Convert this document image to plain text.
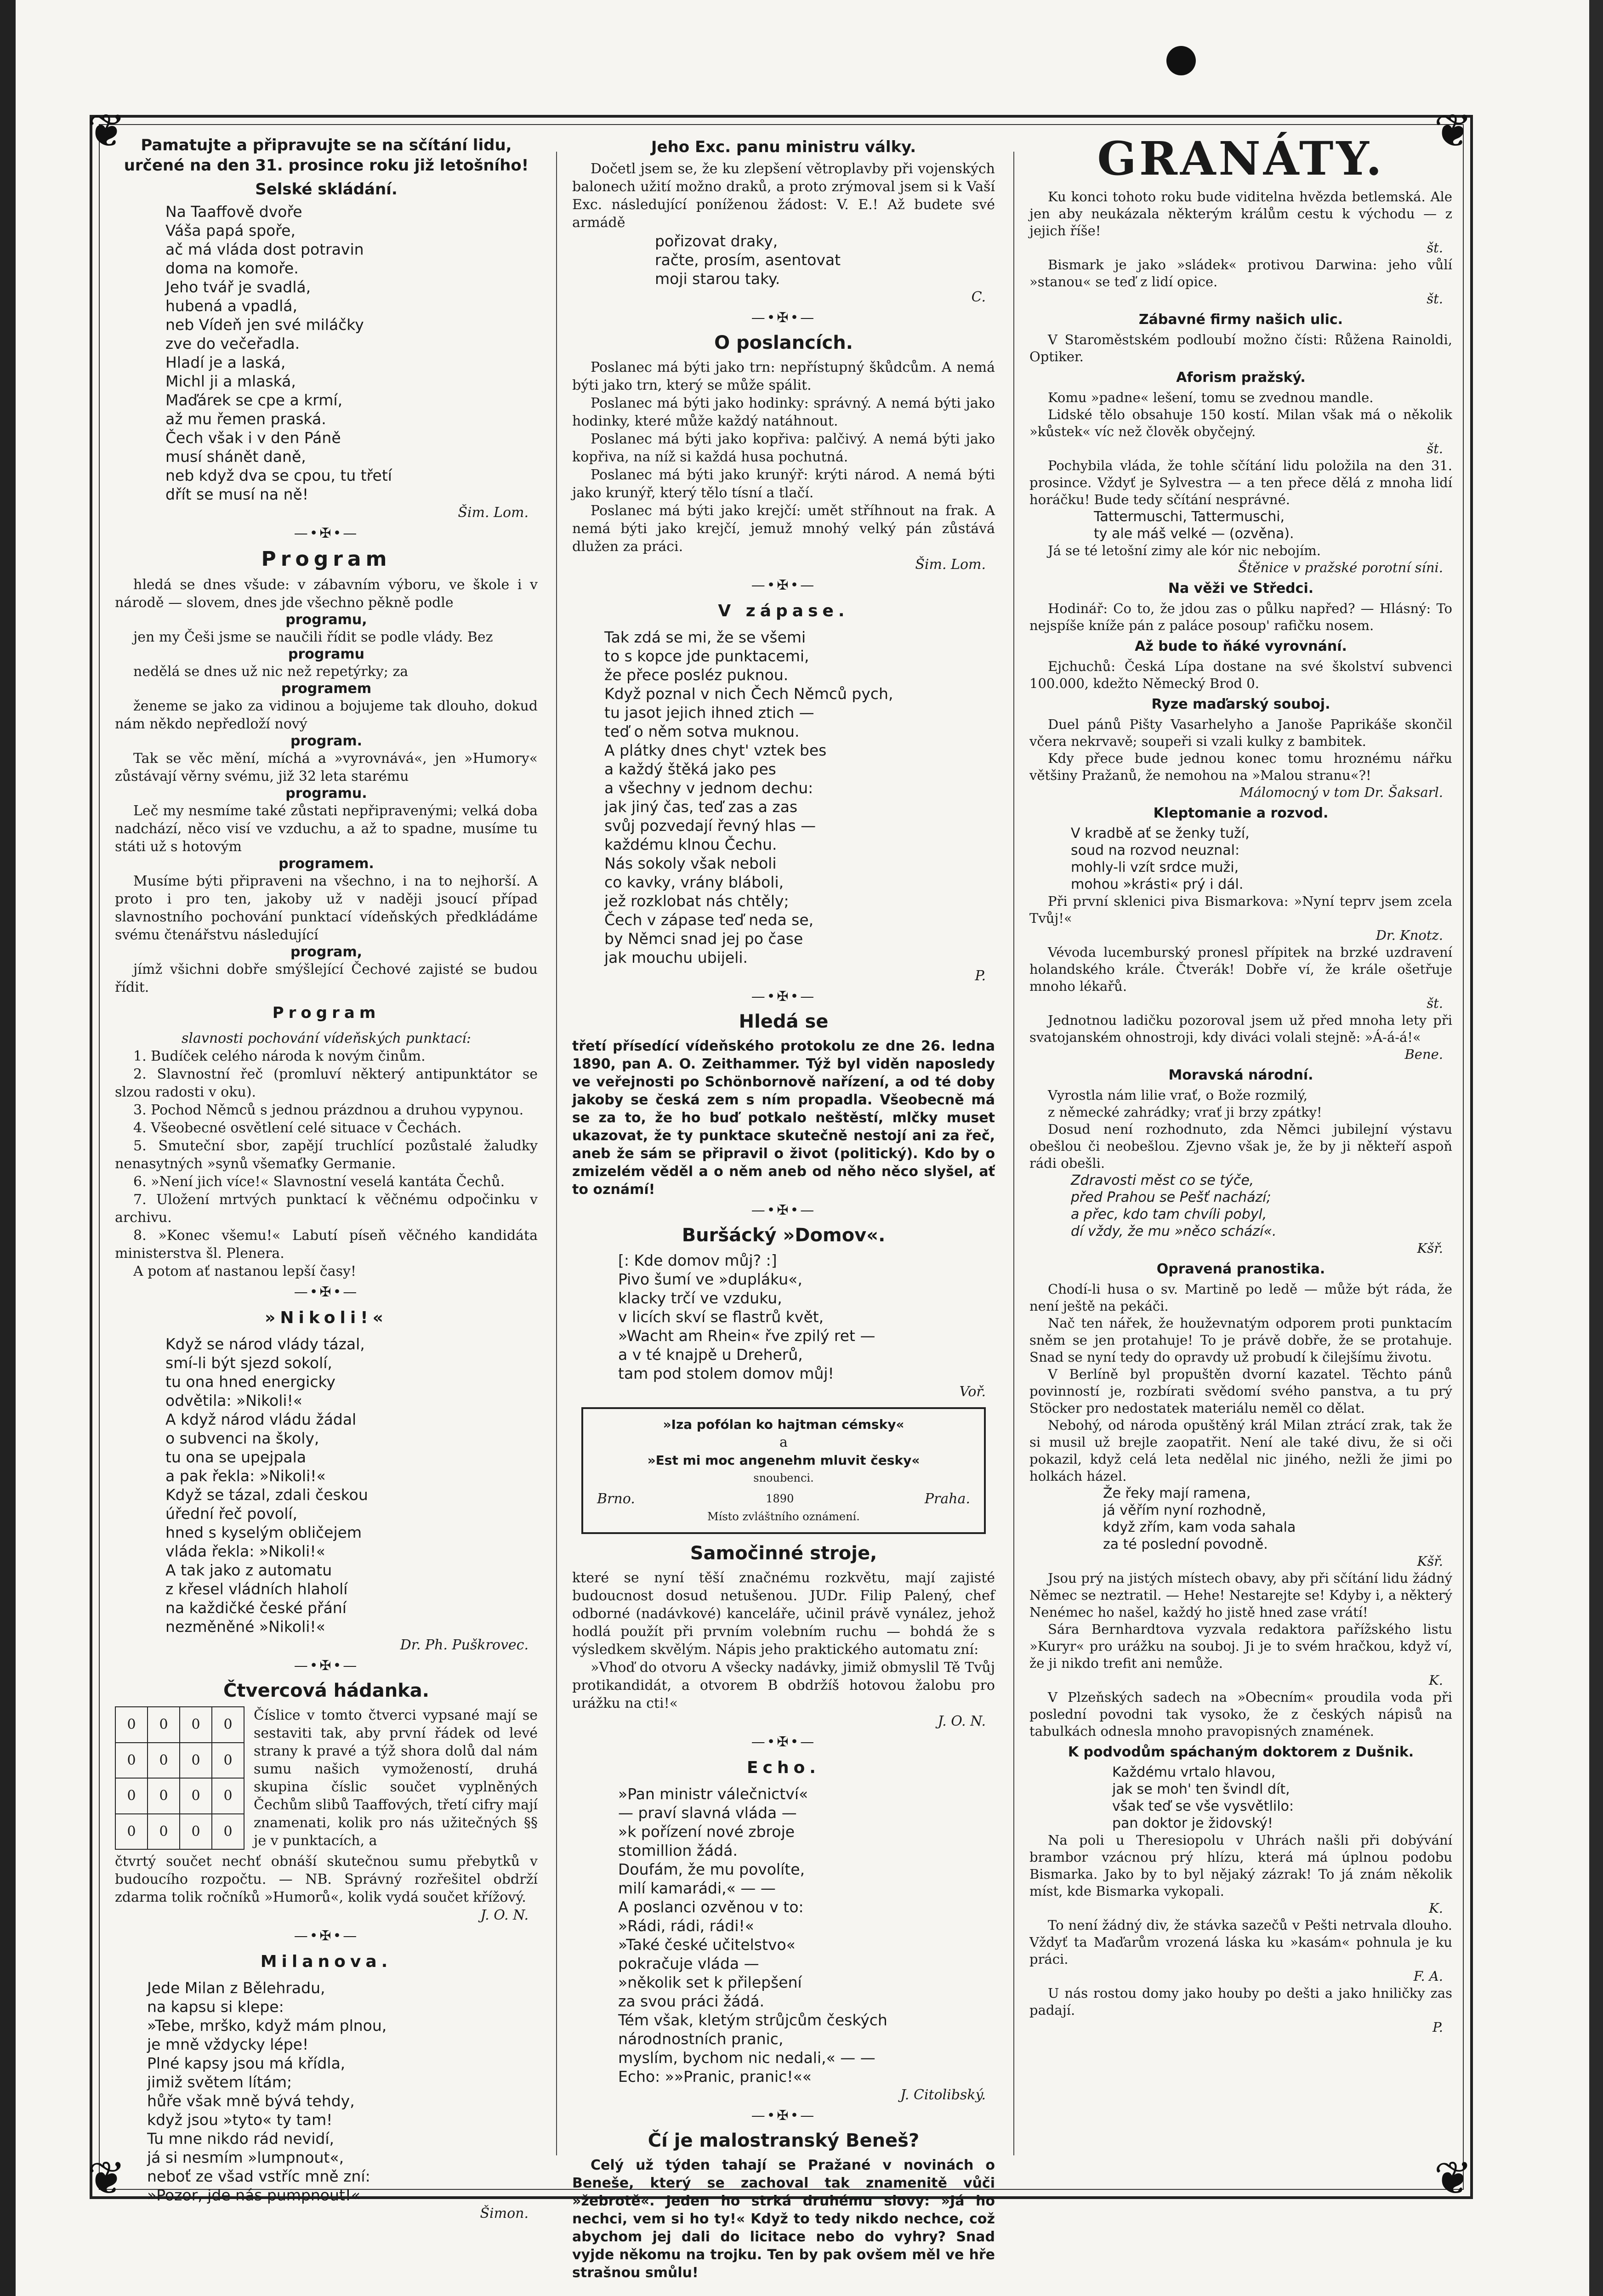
❦	❦
❦	❦
Pamatujte a připravujte se na sčítání lidu,
určené na den 31. prosince roku již letošního!
Selské skládání.
Na Taaffově dvoře
Váša papá spoře,
ač má vláda dost potravin
doma na komoře.
Jeho tvář je svadlá,
hubená a vpadlá,
neb Vídeň jen své miláčky
zve do večeřadla.
Hladí je a laská,
Michl ji a mlaská,
Maďárek se cpe a krmí,
až mu řemen praská.
Čech však i v den Páně
musí shánět daně,
neb když dva se cpou, tu třetí
dřít se musí na ně!
Šim. Lom.
—•✠•—
Program

hledá se dnes všude: v zábavním výboru, ve škole i v národě — slovem, dnes jde všechno pěkně podle

programu,

jen my Češi jsme se naučili řídit se podle vlády. Bez

programu

nedělá se dnes už nic než repetýrky; za

programem

ženeme se jako za vidinou a bojujeme tak dlouho, dokud nám někdo nepředloží nový

program.

Tak se věc mění, míchá a »vyrovnává«, jen »Humory« zůstávají věrny svému, již 32 leta starému

programu.

Leč my nesmíme také zůstati nepřipravenými; velká doba nadchází, něco visí ve vzduchu, a až to spadne, musíme tu státi už s hotovým

programem.

Musíme býti připraveni na všechno, i na to nejhorší. A proto i pro ten, jakoby už v naději jsoucí případ slavnostního pochování punktací vídeňských předkládáme svému čtenářstvu následující

program,

jímž všichni dobře smýšlející Čechové zajisté se budou řídit.

Program

slavnosti pochování vídeňských punktací:

1. Budíček celého národa k novým činům.

2. Slavnostní řeč (promluví některý antipunktátor se slzou radosti v oku).

3. Pochod Němců s jednou prázdnou a druhou vypynou.

4. Všeobecné osvětlení celé situace v Čechách.

5. Smuteční sbor, zapějí truchlící pozůstalé žaludky nenasytných »synů všemaťky Germanie.

6. »Není jich více!« Slavnostní veselá kantáta Čechů.

7. Uložení mrtvých punktací k věčnému odpočinku v archivu.

8. »Konec všemu!« Labutí píseň věčného kandidáta ministerstva šl. Plenera.

A potom ať nastanou lepší časy!

—•✠•—
»Nikoli!«
Když se národ vlády tázal,
smí-li být sjezd sokolí,
tu ona hned energicky
odvětila: »Nikoli!«
A když národ vládu žádal
o subvenci na školy,
tu ona se upejpala
a pak řekla: »Nikoli!«
Když se tázal, zdali českou
úřední řeč povolí,
hned s kyselým obličejem
vláda řekla: »Nikoli!«
A tak jako z automatu
z křesel vládních hlaholí
na každičké české přání
nezměněné »Nikoli!«
Dr. Ph. Puškrovec.
—•✠•—
Čtvercová hádanka.
0	0	0	0
0	0	0	0
0	0	0	0
0	0	0	0
Číslice v tomto čtverci vypsané mají se sestaviti tak, aby první řádek od levé strany k pravé a týž shora dolů dal nám sumu našich vymožeností, druhá skupina číslic součet vyplněných Čechům slibů Taaffových, třetí cifry mají znamenati, kolik pro nás užitečných §§ je v punktacích, a

čtvrtý součet nechť obnáší skutečnou sumu přebytků v budoucího rozpočtu. — NB. Správný rozřešitel obdrží zdarma tolik ročníků »Humorů«, kolik vydá součet křížový.

J. O. N.
—•✠•—
Milanova.
Jede Milan z Bělehradu,
na kapsu si klepe:
»Tebe, mrško, když mám plnou,
je mně vždycky lépe!
Plné kapsy jsou má křídla,
jimiž světem lítám;
hůře však mně bývá tehdy,
když jsou »tyto« ty tam!
Tu mne nikdo rád nevidí,
já si nesmím »lumpnout«,
neboť ze všad vstříc mně zní:
»Pozor, jde nás pumpnout!«
Šimon.
Jeho Exc. panu ministru války.

Dočetl jsem se, že ku zlepšení větroplavby při vojenských balonech užití možno draků, a proto zrýmoval jsem si k Vaší Exc. následující poníženou žádost: V. E.! Až budete své armádě

pořizovat draky,
račte, prosím, asentovat
moji starou taky.
C.
—•✠•—
O poslancích.

Poslanec má býti jako trn: nepřístupný škůdcům. A nemá býti jako trn, který se může spálit.

Poslanec má býti jako hodinky: správný. A nemá býti jako hodinky, které může každý natáhnout.

Poslanec má býti jako kopřiva: palčivý. A nemá býti jako kopřiva, na níž si každá husa pochutná.

Poslanec má býti jako krunýř: krýti národ. A nemá býti jako krunýř, který tělo tísní a tlačí.

Poslanec má býti jako krejčí: umět stříhnout na frak. A nemá býti jako krejčí, jemuž mnohý velký pán zůstává dlužen za práci.

Šim. Lom.
—•✠•—
V zápase.
Tak zdá se mi, že se všemi
to s kopce jde punktacemi,
že přece posléz puknou.
Když poznal v nich Čech Němců pych,
tu jasot jejich ihned ztich —
teď o něm sotva muknou.
A plátky dnes chyt' vztek bes
a každý štěká jako pes
a všechny v jednom dechu:
jak jiný čas, teď zas a zas
svůj pozvedají řevný hlas —
každému klnou Čechu.
Nás sokoly však neboli
co kavky, vrány bláboli,
jež rozklobat nás chtěly;
Čech v zápase teď neda se,
by Němci snad jej po čase
jak mouchu ubijeli.
P.
—•✠•—
Hledá se

třetí přísedící vídeňského protokolu ze dne 26. ledna 1890, pan A. O. Zeithammer. Týž byl viděn naposledy ve veřejnosti po Schönbornově nařízení, a od té doby jakoby se česká zem s ním propadla. Všeobecně má se za to, že ho buď potkalo neštěstí, mlčky muset ukazovat, že ty punktace skutečně nestojí ani za řeč, aneb že sám se připravil o život (politický). Kdo by o zmizelém věděl a o něm aneb od něho něco slyšel, ať to oznámí!

—•✠•—
Buršácký »Domov«.
[: Kde domov můj? :]
Pivo šumí ve »dupláku«,
klacky trčí ve vzduku,
v licích skví se flastrů květ,
»Wacht am Rhein« řve zpilý ret —
a v té knajpě u Dreherů,
tam pod stolem domov můj!
Voř.
»Iza pofólan ko hajtman cémsky«
a
»Est mi moc angenehm mluvit česky«
snoubenci.
Brno.	1890	Praha.
Místo zvláštního oznámení.
Samočinné stroje,

které se nyní těší značnému rozkvětu, mají zajisté budoucnost dosud netušenou. JUDr. Filip Palený, chef odborné (nadávkové) kanceláře, učinil právě vynález, jehož hodlá použít při prvním volebním ruchu — bohdá že s výsledkem skvělým. Nápis jeho praktického automatu zní:

»Vhoď do otvoru A všecky nadávky, jimiž obmyslil Tě Tvůj protikandidát, a otvorem B obdržíš hotovou žalobu pro urážku na cti!«

J. O. N.
—•✠•—
Echo.
»Pan ministr válečnictví«
— praví slavná vláda —
»k pořízení nové zbroje
stomillion žádá.
Doufám, že mu povolíte,
milí kamarádi,« — —
A poslanci ozvěnou v to:
»Rádi, rádi, rádi!«
»Také české učitelstvo«
pokračuje vláda —
»několik set k přilepšení
za svou práci žádá.
Tém však, kletým strůjcům českých
národnostních pranic,
myslím, bychom nic nedali,« — —
Echo: »»Pranic, pranic!««
J. Citolibský.
—•✠•—
Čí je malostranský Beneš?

Celý už týden tahají se Pražané v novinách o Beneše, který se zachoval tak znamenitě vůči »žebrotě«. Jeden ho strká druhému slovy: »Já ho nechci, vem si ho ty!« Když to tedy nikdo nechce, což abychom jej dali do licitace nebo do vyhry? Snad vyjde někomu na trojku. Ten by pak ovšem měl ve hře strašnou smůlu!

GRANÁTY.

Ku konci tohoto roku bude viditelna hvězda betlemská. Ale jen aby neukázala některým králům cestu k východu — z jejich říše!

št.

Bismark je jako »sládek« protivou Darwina: jeho vůlí »stanou« se teď z lidí opice.

št.
Zábavné firmy našich ulic.

V Staroměstském podloubí možno čísti: Růžena Rainoldi, Optiker.

Aforism pražský.

Komu »padne« lešení, tomu se zvednou mandle.

Lidské tělo obsahuje 150 kostí. Milan však má o několik »kůstek« víc než člověk obyčejný.

št.

Pochybila vláda, že tohle sčítání lidu položila na den 31. prosince. Vždyť je Sylvestra — a ten přece dělá z mnoha lidí horáčku! Bude tedy sčítání nesprávné.

Tattermuschi, Tattermuschi,
ty ale máš velké — (ozvěna).

Já se té letošní zimy ale kór nic nebojím.

Štěnice v pražské porotní síni.
Na věži ve Středci.

Hodinář: Co to, že jdou zas o půlku napřed? — Hlásný: To nejspíše kníže pán z paláce posoup' rafičku nosem.

Až bude to ňáké vyrovnání.

Ejchuchů: Česká Lípa dostane na své školství subvenci 100.000, kdežto Německý Brod 0.

Ryze maďarský souboj.

Duel pánů Pišty Vasarhelyho a Janoše Paprikáše skončil včera nekrvavě; soupeři si vzali kulky z bambitek.

Kdy přece bude jednou konec tomu hroznému nářku většiny Pražanů, že nemohou na »Malou stranu«?!

Málomocný v tom Dr. Šaksarl.
Kleptomanie a rozvod.
V kradbě ať se ženky tuží,
soud na rozvod neuznal:
mohly-li vzít srdce muži,
mohou »krásti« prý i dál.

Při první sklenici piva Bismarkova: »Nyní teprv jsem zcela Tvůj!«

Dr. Knotz.

Vévoda lucemburský pronesl přípitek na brzké uzdravení holandského krále. Čtverák! Dobře ví, že krále ošetřuje mnoho lékařů.

št.

Jednotnou ladičku pozoroval jsem už před mnoha lety při svatojanském ohnostroji, kdy diváci volali stejně: »Á-á-á!«

Bene.
Moravská národní.
Vyrostla nám lilie vrať, o Bože rozmilý,
z německé zahrádky; vrať ji brzy zpátky!

Dosud není rozhodnuto, zda Němci jubilejní výstavu obešlou či neobešlou. Zjevno však je, že by ji někteří aspoň rádi obešli.

Zdravosti měst co se týče,
před Prahou se Pešť nachází;
a přec, kdo tam chvíli pobyl,
dí vždy, že mu »něco schází«.
Kšř.
Opravená pranostika.

Chodí-li husa o sv. Martině po ledě — může být ráda, že není ještě na pekáči.

Nač ten nářek, že houževnatým odporem proti punktacím sněm se jen protahuje! To je právě dobře, že se protahuje. Snad se nyní tedy do opravdy už probudí k čilejšímu životu.

V Berlíně byl propuštěn dvorní kazatel. Těchto pánů povinností je, rozbírati svědomí svého panstva, a tu prý Stöcker pro nedostatek materiálu neměl co dělat.

Nebohý, od národa opuštěný král Milan ztrácí zrak, tak že si musil už brejle zaopatřit. Není ale také divu, že si oči pokazil, když celá leta nedělal nic jiného, nežli že jimi po holkách házel.

Že řeky mají ramena,
já věřím nyní rozhodně,
když zřím, kam voda sahala
za té poslední povodně.
Kšř.

Jsou prý na jistých místech obavy, aby při sčítání lidu žádný Němec se neztratil. — Hehe! Nestarejte se! Kdyby i, a některý Nenémec ho našel, každý ho jistě hned zase vrátí!

Sára Bernhardtova vyzvala redaktora pařížského listu »Kuryr« pro urážku na souboj. Ji je to svém hračkou, když ví, že ji nikdo trefit ani nemůže.

K.

V Plzeňských sadech na »Obecním« proudila voda při poslední povodni tak vysoko, že z českých nápisů na tabulkách odnesla mnoho pravopisných znamének.

K podvodům spáchaným doktorem z Dušnik.
Každému vrtalo hlavou,
jak se moh' ten švindl dít,
však teď se vše vysvětlilo:
pan doktor je židovský!

Na poli u Theresiopolu v Uhrách našli při dobývání brambor vzácnou prý hlízu, která má úplnou podobu Bismarka. Jako by to byl nějaký zázrak! To já znám několik míst, kde Bismarka vykopali.

K.

To není žádný div, že stávka sazečů v Pešti netrvala dlouho. Vždyť ta Maďarům vrozená láska ku »kasám« pohnula je ku práci.

F. A.

U nás rostou domy jako houby po dešti a jako hniličky zas padají.

P.
